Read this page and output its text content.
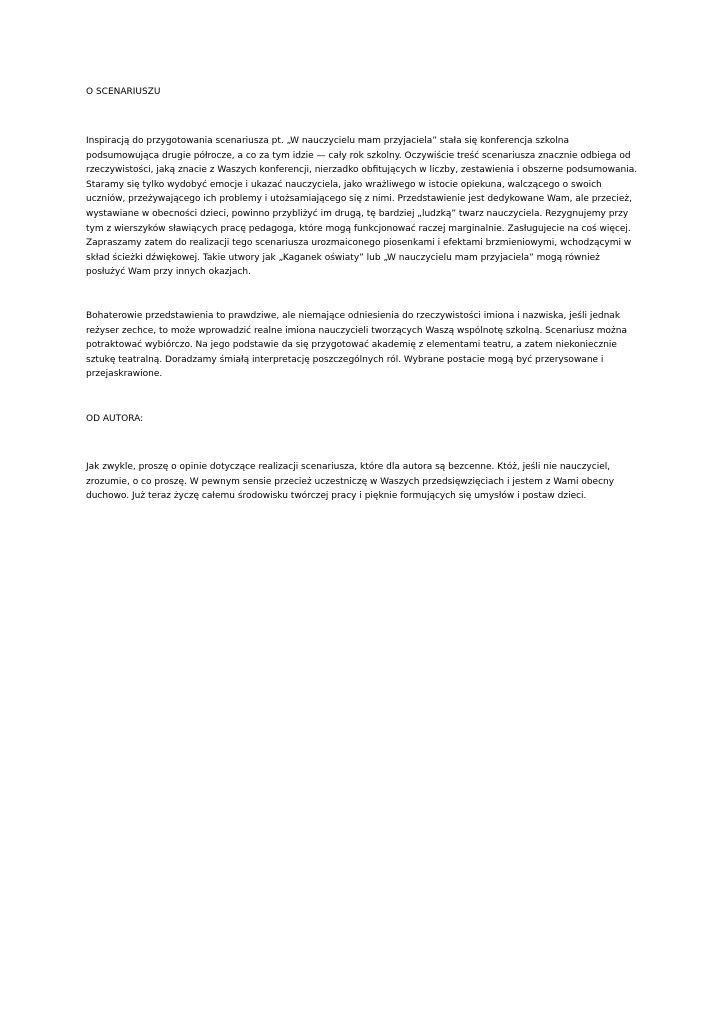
O SCENARIUSZU

Inspiracją do przygotowania scenariusza pt. „W nauczycielu mam przyjaciela” stała się konferencja szkolna podsumowująca drugie półrocze, a co za tym idzie — cały rok szkolny. Oczywiście treść scenariusza znacznie odbiega od rzeczywistości, jaką znacie z Waszych konferencji, nierzadko obfitujących w liczby, zestawienia i obszerne podsumowania. Staramy się tylko wydobyć emocje i ukazać nauczyciela, jako wrażliwego w istocie opiekuna, walczącego o swoich uczniów, przeżywającego ich problemy i utożsamiającego się z nimi. Przedstawienie jest dedykowane Wam, ale przecież, wystawiane w obecności dzieci, powinno przybliżyć im drugą, tę bardziej „ludzką” twarz nauczyciela. Rezygnujemy przy tym z wierszyków sławiących pracę pedagoga, które mogą funkcjonować raczej marginalnie. Zasługujecie na coś więcej. Zapraszamy zatem do realizacji tego scenariusza urozmaiconego piosenkami i efektami brzmieniowymi, wchodzącymi w skład ścieżki dźwiękowej. Takie utwory jak „Kaganek oświaty” lub „W nauczycielu mam przyjaciela” mogą również posłużyć Wam przy innych okazjach.

Bohaterowie przedstawienia to prawdziwe, ale niemające odniesienia do rzeczywistości imiona i nazwiska, jeśli jednak reżyser zechce, to może wprowadzić realne imiona nauczycieli tworzących Waszą wspólnotę szkolną. Scenariusz można potraktować wybiórczo. Na jego podstawie da się przygotować akademię z elementami teatru, a zatem niekoniecznie sztukę teatralną. Doradzamy śmiałą interpretację poszczególnych ról. Wybrane postacie mogą być przerysowane i przejaskrawione.

OD AUTORA:

Jak zwykle, proszę o opinie dotyczące realizacji scenariusza, które dla autora są bezcenne. Któż, jeśli nie nauczyciel, zrozumie, o co proszę. W pewnym sensie przecież uczestniczę w Waszych przedsięwzięciach i jestem z Wami obecny duchowo. Już teraz życzę całemu środowisku twórczej pracy i pięknie formujących się umysłów i postaw dzieci.
